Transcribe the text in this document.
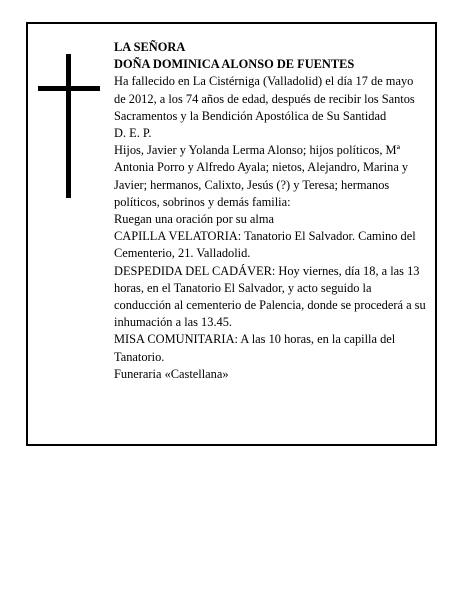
LA SEÑORA

DOÑA DOMINICA ALONSO DE FUENTES

Ha fallecido en La Cistérniga (Valladolid) el día 17 de mayo de 2012, a los 74 años de edad, después de recibir los Santos Sacramentos y la Bendición Apostólica de Su Santidad

D. E. P.

Hijos, Javier y Yolanda Lerma Alonso; hijos políticos, Mª Antonia Porro y Alfredo Ayala; nietos, Alejandro, Marina y Javier; hermanos, Calixto, Jesús (?) y Teresa; hermanos políticos, sobrinos y demás familia:

Ruegan una oración por su alma

CAPILLA VELATORIA: Tanatorio El Salvador. Camino del Cementerio, 21. Valladolid.

DESPEDIDA DEL CADÁVER: Hoy viernes, día 18, a las 13 horas, en el Tanatorio El Salvador, y acto seguido la conducción al cementerio de Palencia, donde se procederá a su inhumación a las 13.45.

MISA COMUNITARIA: A las 10 horas, en la capilla del Tanatorio.

Funeraria «Castellana»
